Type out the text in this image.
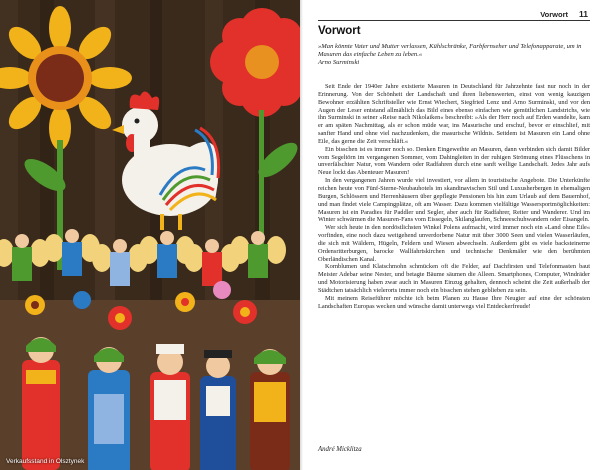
Verkaufsstand in Olsztynek
Vorwort 11
Vorwort

»Man könnte Vater und Mutter verlassen, Kühlschränke, Farbfernseher und Telefonapparate, um in Masuren das einfache Leben zu leben.«

Arno Surminski

Seit Ende der 1940er Jahre existierte Masuren in Deutschland für Jahrzehnte fast nur noch in der Erinnerung. Von der Schönheit der Landschaft und ihren liebenswerten, einst von wenig kauzigen Bewohner erzählten Schriftsteller wie Ernst Wiechert, Siegfried Lenz und Arno Surminski, und vor den Augen der Leser entstand allmählich das Bild eines ebenso einfachen wie gemütlichen Landstrichs, wie ihn Surminski in seiner »Reise nach Nikolaiken« beschreibt: »Als der Herr noch auf Erden wandelte, kam er am späten Nachmittag, als er schon müde war, ins Masurische und erschuf, bevor er einschlief, mit sanfter Hand und ohne viel nachzudenken, die masurische Wildnis. Seitdem ist Masuren ein Land ohne Eile, das gerne die Zeit verschläft.«

Ein bisschen ist es immer noch so. Denken Eingeweihte an Masuren, dann verbinden sich damit Bilder vom Segeltörn im vergangenen Sommer, vom Dahingleiten in der ruhigen Strömung eines Flüsschens in unverfälschter Natur, vom Wandern oder Radfahren durch eine sanft wellige Landschaft. Jedes Jahr aufs Neue lockt das Abenteuer Masuren!

In den vergangenen Jahren wurde viel investiert, vor allem in touristische Angebote. Die Unterkünfte reichen heute von Fünf-Sterne-Neubauhotels im skandinavischen Stil und Luxusherbergen in ehemaligen Burgen, Schlössern und Herrenhäusern über gepflegte Pensionen bis hin zum Urlaub auf dem Bauernhof, und man findet viele Campingplätze, oft am Wasser. Dazu kommen vielfältige Wassersportmöglichkeiten: Masuren ist ein Paradies für Paddler und Segler, aber auch für Radfahrer, Reiter und Wanderer. Und im Winter schwärmen die Masuren-Fans vom Eissegeln, Skilanglaufen, Schneeschuhwandern oder Eisangeln.

Wer sich heute in den nordöstlichsten Winkel Polens aufmacht, wird immer noch ein »Land ohne Eile« vorfinden, eine noch dazu weitgehend unverdorbene Natur mit über 3000 Seen und vielen Wasserläufen, die sich mit Wäldern, Hügeln, Feldern und Wiesen abwechseln. Außerdem gibt es viele backsteinerne Ordensritterburgen, barocke Wallfahrtskirchen und technische Denkmäler wie den berühmten Oberländischen Kanal.

Kornblumen und Klatschmohn schmücken oft die Felder, auf Dachfirsten und Telefonmasten baut Meister Adebar seine Nester, und betagte Bäume säumen die Alleen. Smartphones, Computer, Windräder und Motorisierung haben zwar auch in Masuren Einzug gehalten, dennoch scheint die Zeit außerhalb der Städtchen tatsächlich vielerorts immer noch ein bisschen stehen geblieben zu sein.

Mit meinem Reiseführer möchte ich beim Planen zu Hause Ihre Neugier auf eine der schönsten Landschaften Europas wecken und wünsche damit unterwegs viel Entdeckerfreude!

André Micklitza
